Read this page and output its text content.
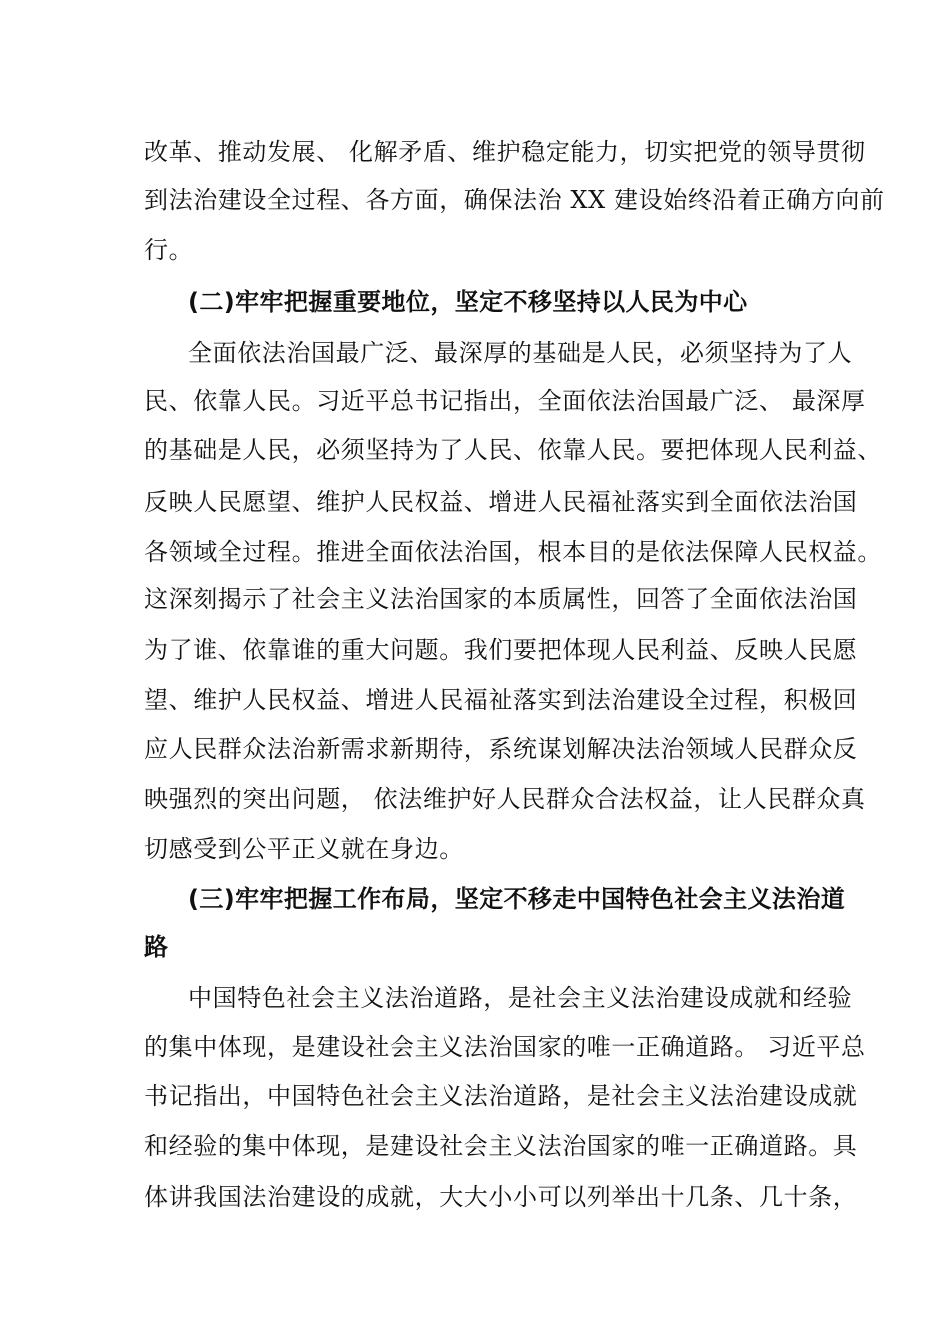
改革、推动发展、 化解矛盾、维护稳定能力，切实把党的领导贯彻
到法治建设全过程、各方面，确保法治 XX 建设始终沿着正确方向前
行。
(二)牢牢把握重要地位，坚定不移坚持以人民为中心
全面依法治国最广泛、最深厚的基础是人民，必须坚持为了人
民、依靠人民。习近平总书记指出，全面依法治国最广泛、 最深厚
的基础是人民，必须坚持为了人民、依靠人民。要把体现人民利益、
反映人民愿望、维护人民权益、增进人民福祉落实到全面依法治国
各领域全过程。推进全面依法治国，根本目的是依法保障人民权益。
这深刻揭示了社会主义法治国家的本质属性，回答了全面依法治国
为了谁、依靠谁的重大问题。我们要把体现人民利益、反映人民愿
望、维护人民权益、增进人民福祉落实到法治建设全过程，积极回
应人民群众法治新需求新期待，系统谋划解决法治领域人民群众反
映强烈的突出问题， 依法维护好人民群众合法权益，让人民群众真
切感受到公平正义就在身边。
(三)牢牢把握工作布局，坚定不移走中国特色社会主义法治道
路
中国特色社会主义法治道路，是社会主义法治建设成就和经验
的集中体现，是建设社会主义法治国家的唯一正确道路。 习近平总
书记指出，中国特色社会主义法治道路，是社会主义法治建设成就
和经验的集中体现，是建设社会主义法治国家的唯一正确道路。具
体讲我国法治建设的成就，大大小小可以列举出十几条、几十条，
